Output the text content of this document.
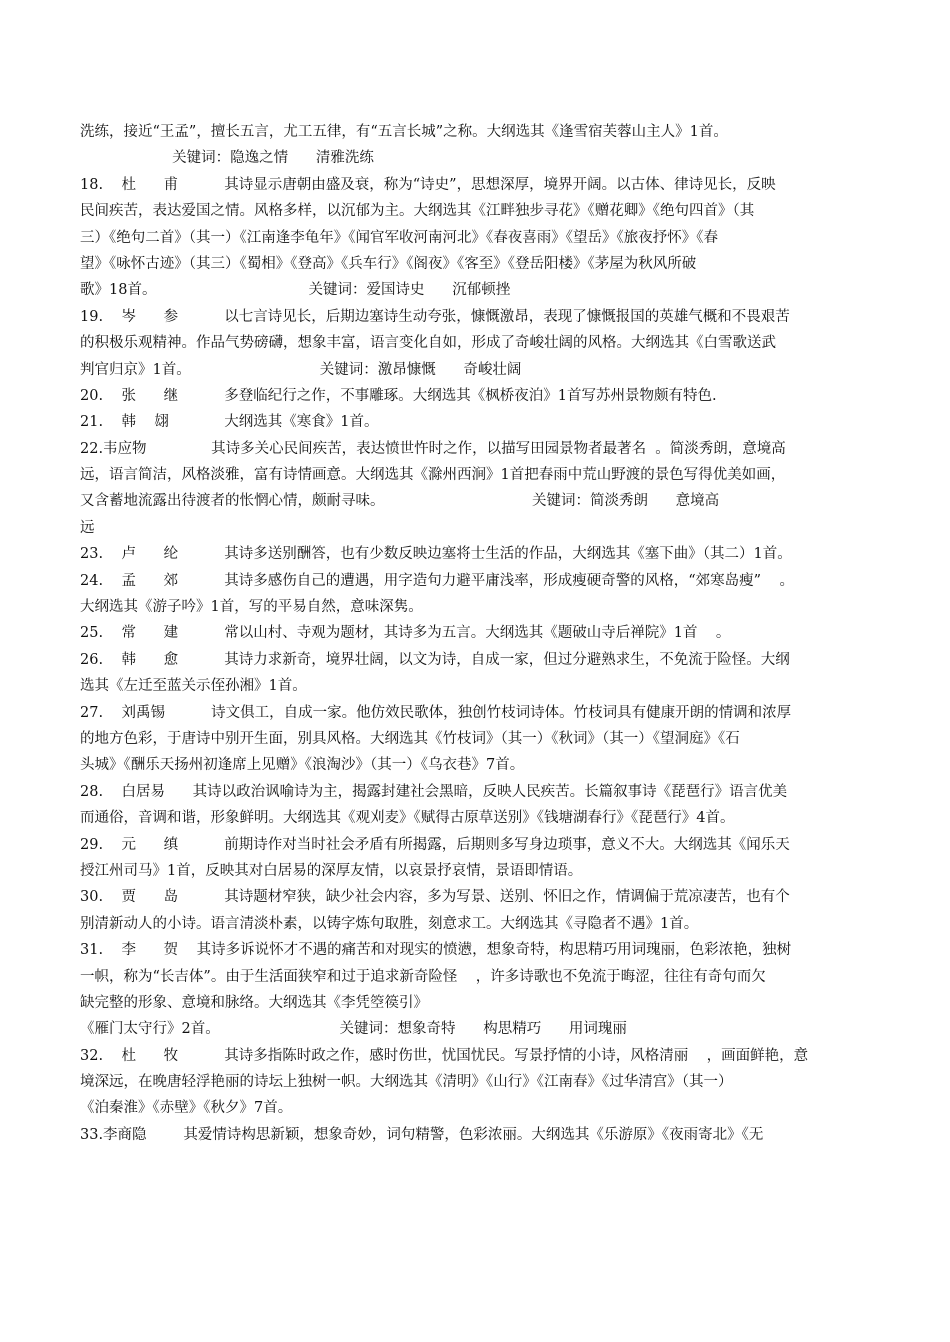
洗练，接近“王孟”，擅长五言，尤工五律，有“五言长城”之称。大纲选其《逢雪宿芙蓉山主人》1首。
关键词：隐逸之情      清雅洗练
18.    杜      甫          其诗显示唐朝由盛及衰，称为“诗史”，思想深厚，境界开阔。以古体、律诗见长，反映
民间疾苦，表达爱国之情。风格多样，以沉郁为主。大纲选其《江畔独步寻花》《赠花卿》《绝句四首》（其
三）《绝句二首》（其一）《江南逢李龟年》《闻官军收河南河北》《春夜喜雨》《望岳》《旅夜抒怀》《春
望》《咏怀古迹》（其三）《蜀相》《登高》《兵车行》《阁夜》《客至》《登岳阳楼》《茅屋为秋风所破
歌》18首。                                 关键词：爱国诗史      沉郁顿挫
19.    岑      参          以七言诗见长，后期边塞诗生动夸张，慷慨激昂，表现了慷慨报国的英雄气概和不畏艰苦
的积极乐观精神。作品气势磅礴，想象丰富，语言变化自如，形成了奇峻壮阔的风格。大纲选其《白雪歌送武
判官归京》1首。                            关键词：激昂慷慨      奇峻壮阔
20.    张      继          多登临纪行之作，不事雕琢。大纲选其《枫桥夜泊》1首写苏州景物颇有特色.
21.    韩    翃            大纲选其《寒食》1首。
22.韦应物              其诗多关心民间疾苦，表达愤世忤时之作，以描写田园景物者最著名  。简淡秀朗，意境高
远，语言简洁，风格淡雅，富有诗情画意。大纲选其《滁州西涧》1首把春雨中荒山野渡的景色写得优美如画，
又含蓄地流露出待渡者的怅惘心情，颇耐寻味。                                关键词：简淡秀朗      意境高
远
23.    卢      纶          其诗多送别酬答，也有少数反映边塞将士生活的作品，大纲选其《塞下曲》（其二）1首。
24.    孟      郊          其诗多感伤自己的遭遇，用字造句力避平庸浅率，形成瘦硬奇警的风格，“郊寒岛瘦”    。
大纲选其《游子吟》1首，写的平易自然，意味深隽。
25.    常      建          常以山村、寺观为题材，其诗多为五言。大纲选其《题破山寺后禅院》1首    。
26.    韩      愈          其诗力求新奇，境界壮阔，以文为诗，自成一家，但过分避熟求生，不免流于险怪。大纲
选其《左迁至蓝关示侄孙湘》1首。
27.    刘禹锡          诗文俱工，自成一家。他仿效民歌体，独创竹枝词诗体。竹枝词具有健康开朗的情调和浓厚
的地方色彩，于唐诗中别开生面，别具风格。大纲选其《竹枝词》（其一）《秋词》（其一）《望洞庭》《石
头城》《酬乐天扬州初逢席上见赠》《浪淘沙》（其一）《乌衣巷》7首。
28.    白居易      其诗以政治讽喻诗为主，揭露封建社会黑暗，反映人民疾苦。长篇叙事诗《琵琶行》语言优美
而通俗，音调和谐，形象鲜明。大纲选其《观刈麦》《赋得古原草送别》《钱塘湖春行》《琵琶行》4首。
29.    元      缜          前期诗作对当时社会矛盾有所揭露，后期则多写身边琐事，意义不大。大纲选其《闻乐天
授江州司马》1首，反映其对白居易的深厚友情，以哀景抒哀情，景语即情语。
30.    贾      岛          其诗题材窄狭，缺少社会内容，多为写景、送别、怀旧之作，情调偏于荒凉凄苦，也有个
别清新动人的小诗。语言清淡朴素，以铸字炼句取胜，刻意求工。大纲选其《寻隐者不遇》1首。
31.    李      贺    其诗多诉说怀才不遇的痛苦和对现实的愤懑，想象奇特，构思精巧用词瑰丽，色彩浓艳，独树
一帜，称为“长吉体”。由于生活面狭窄和过于追求新奇险怪    ，许多诗歌也不免流于晦涩，往往有奇句而欠
缺完整的形象、意境和脉络。大纲选其《李凭箜篌引》
《雁门太守行》2首。                          关键词：想象奇特      构思精巧      用词瑰丽
32.    杜      牧          其诗多指陈时政之作，感时伤世，忧国忧民。写景抒情的小诗，风格清丽    ，画面鲜艳，意
境深远，在晚唐轻浮艳丽的诗坛上独树一帜。大纲选其《清明》《山行》《江南春》《过华清宫》（其一）
《泊秦淮》《赤壁》《秋夕》7首。
33.李商隐        其爱情诗构思新颖，想象奇妙，词句精警，色彩浓丽。大纲选其《乐游原》《夜雨寄北》《无
